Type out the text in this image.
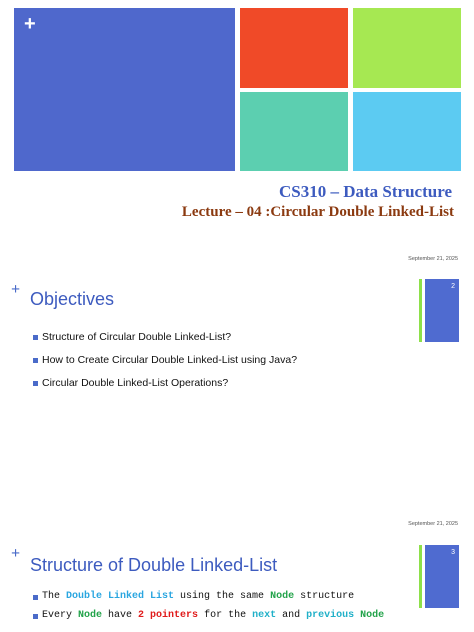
+
CS310 – Data Structure
Lecture – 04 :Circular Double Linked-List
September 21, 2025
+ Objectives
2
Structure of Circular Double Linked-List?
How to Create Circular Double Linked-List using Java?
Circular Double Linked-List Operations?
September 21, 2025
+
Structure of Double Linked-List
3
The Double Linked List using the same Node structure
Every Node have 2 pointers for the next and previous Node
